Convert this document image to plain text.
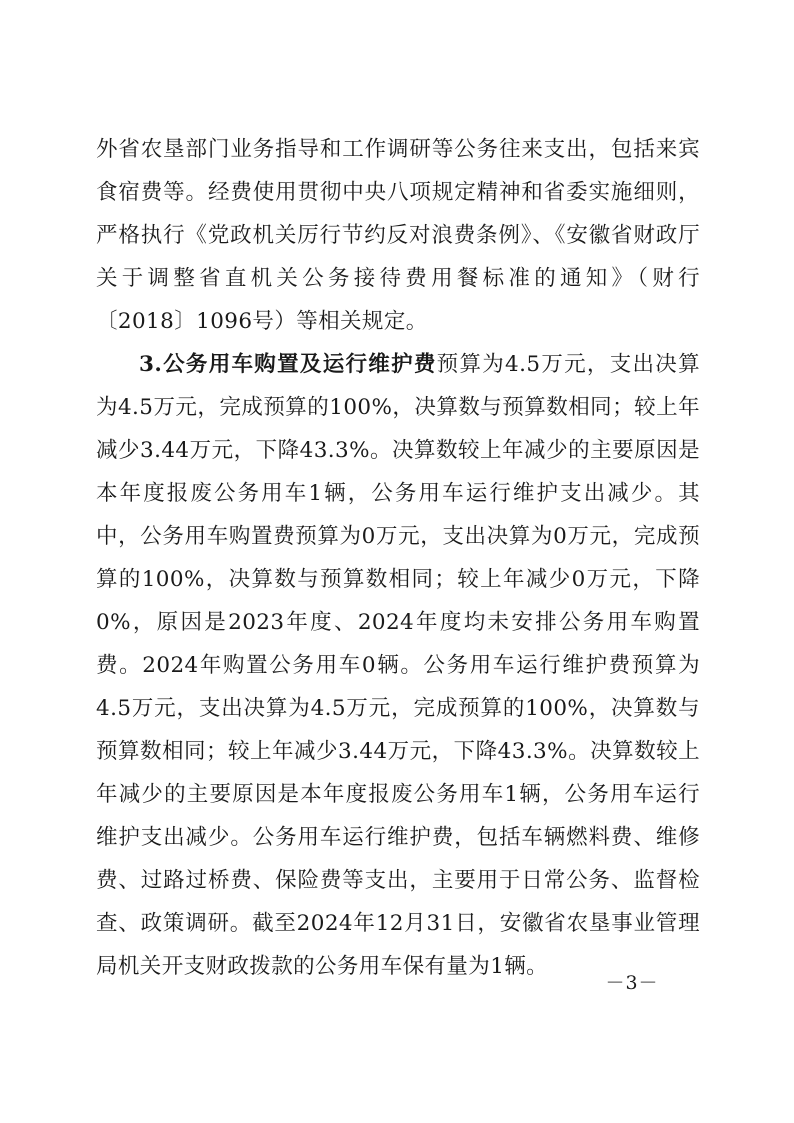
外省农垦部门业务指导和工作调研等公务往来支出，包括来宾食宿费等。经费使用贯彻中央八项规定精神和省委实施细则，严格执行《党政机关厉行节约反对浪费条例》、《安徽省财政厅关于调整省直机关公务接待费用餐标准的通知》（财行〔2018〕1096号）等相关规定。

3.公务用车购置及运行维护费预算为4.5万元，支出决算为4.5万元，完成预算的100%，决算数与预算数相同；较上年减少3.44万元，下降43.3%。决算数较上年减少的主要原因是本年度报废公务用车1辆，公务用车运行维护支出减少。其中，公务用车购置费预算为0万元，支出决算为0万元，完成预算的100%，决算数与预算数相同；较上年减少0万元，下降0%，原因是2023年度、2024年度均未安排公务用车购置费。2024年购置公务用车0辆。公务用车运行维护费预算为4.5万元，支出决算为4.5万元，完成预算的100%，决算数与预算数相同；较上年减少3.44万元，下降43.3%。决算数较上年减少的主要原因是本年度报废公务用车1辆，公务用车运行维护支出减少。公务用车运行维护费，包括车辆燃料费、维修费、过路过桥费、保险费等支出，主要用于日常公务、监督检查、政策调研。截至2024年12月31日，安徽省农垦事业管理局机关开支财政拨款的公务用车保有量为1辆。

－3－
